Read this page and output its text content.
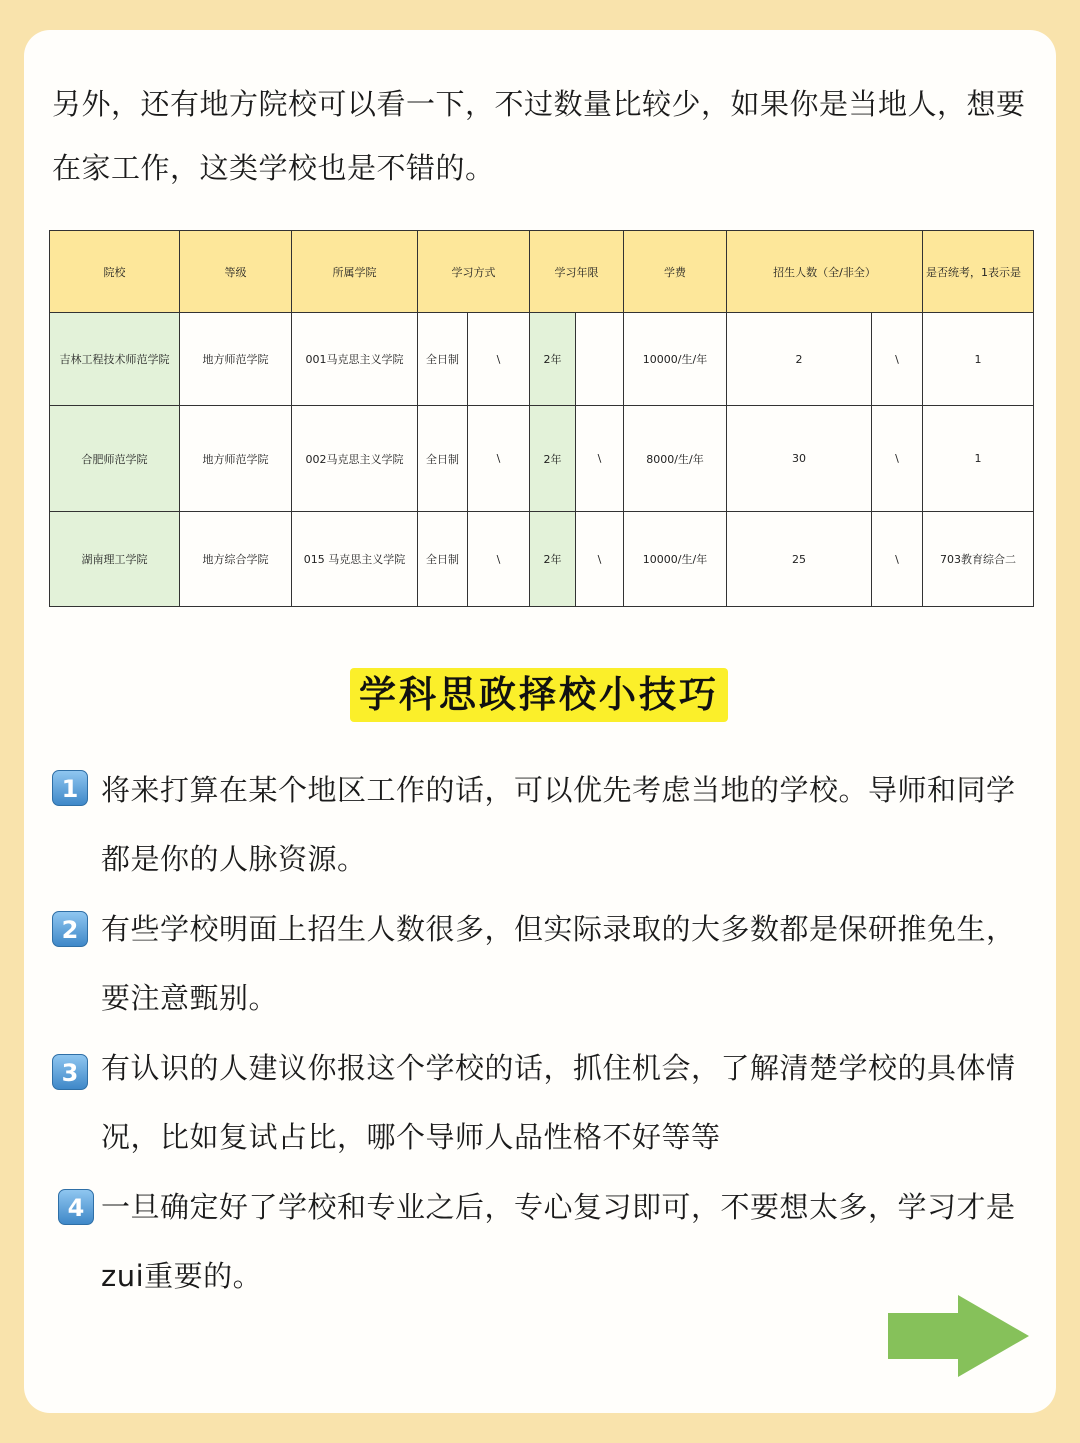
另外，还有地方院校可以看一下，不过数量比较少，如果你是当地人，想要在家工作，这类学校也是不错的。

院校	等级	所属学院	学习方式		学习年限		学费	招生人数（全/非全）		是否统考，1表示是
吉林工程技术师范学院	地方师范学院	001马克思主义学院	全日制	\	2年		10000/生/年	2	\	1
合肥师范学院	地方师范学院	002马克思主义学院	全日制	\	2年	\	8000/生/年	30	\	1
湖南理工学院	地方综合学院	015 马克思主义学院	全日制	\	2年	\	10000/生/年	25	\	703教育综合二
学科思政择校小技巧
1 将来打算在某个地区工作的话，可以优先考虑当地的学校。导师和同学都是你的人脉资源。

2 有些学校明面上招生人数很多，但实际录取的大多数都是保研推免生，要注意甄别。

3 有认识的人建议你报这个学校的话，抓住机会，了解清楚学校的具体情况，比如复试占比，哪个导师人品性格不好等等

4 一旦确定好了学校和专业之后，专心复习即可，不要想太多，学习才是zui重要的。
